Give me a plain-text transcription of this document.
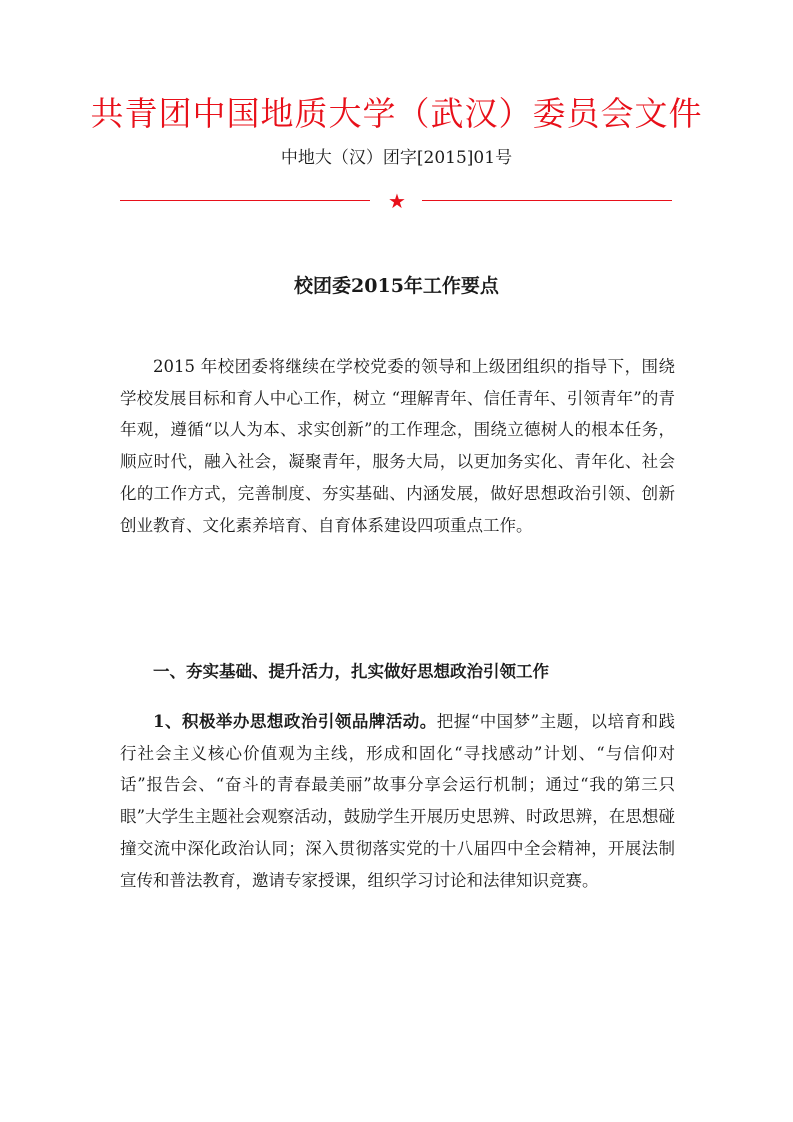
共青团中国地质大学（武汉）委员会文件
中地大（汉）团字[2015]01号
★
校团委2015年工作要点
2015 年校团委将继续在学校党委的领导和上级团组织的指导下，围绕学校发展目标和育人中心工作，树立 “理解青年、信任青年、引领青年”的青年观，遵循“以人为本、求实创新”的工作理念，围绕立德树人的根本任务，顺应时代，融入社会，凝聚青年，服务大局，以更加务实化、青年化、社会化的工作方式，完善制度、夯实基础、内涵发展，做好思想政治引领、创新创业教育、文化素养培育、自育体系建设四项重点工作。
一、夯实基础、提升活力，扎实做好思想政治引领工作
1、积极举办思想政治引领品牌活动。把握“中国梦”主题，以培育和践行社会主义核心价值观为主线，形成和固化“寻找感动”计划、“与信仰对话”报告会、“奋斗的青春最美丽”故事分享会运行机制；通过“我的第三只眼”大学生主题社会观察活动，鼓励学生开展历史思辨、时政思辨，在思想碰撞交流中深化政治认同；深入贯彻落实党的十八届四中全会精神，开展法制宣传和普法教育，邀请专家授课，组织学习讨论和法律知识竞赛。
